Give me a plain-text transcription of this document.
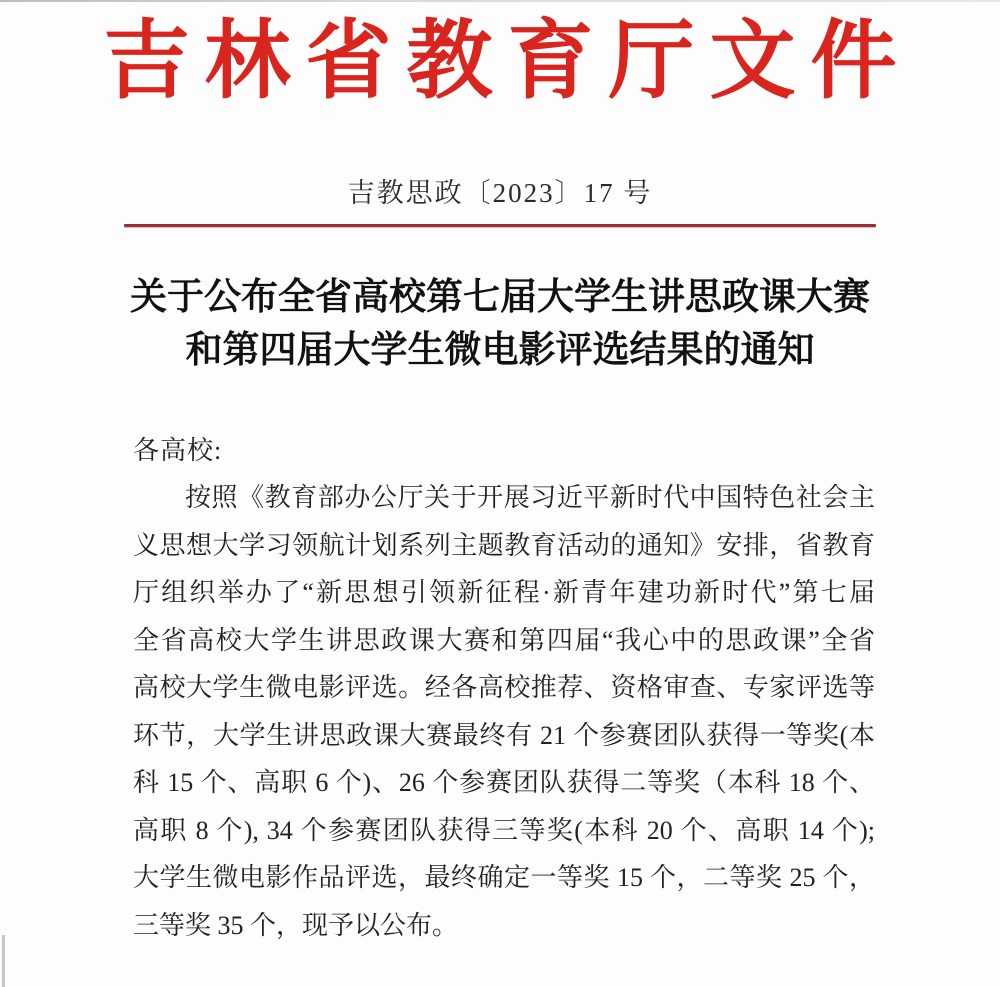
吉林省教育厅文件
吉教思政〔2023〕17 号
关于公布全省高校第七届大学生讲思政课大赛
和第四届大学生微电影评选结果的通知
各高校:
按照《教育部办公厅关于开展习近平新时代中国特色社会主
义思想大学习领航计划系列主题教育活动的通知》安排，省教育
厅组织举办了“新思想引领新征程·新青年建功新时代”第七届
全省高校大学生讲思政课大赛和第四届“我心中的思政课”全省
高校大学生微电影评选。经各高校推荐、资格审查、专家评选等
环节，大学生讲思政课大赛最终有 21 个参赛团队获得一等奖(本
科 15 个、高职 6 个)、26 个参赛团队获得二等奖（本科 18 个、
高职 8 个), 34 个参赛团队获得三等奖(本科 20 个、高职 14 个);
大学生微电影作品评选，最终确定一等奖 15 个，二等奖 25 个，
三等奖 35 个，现予以公布。
